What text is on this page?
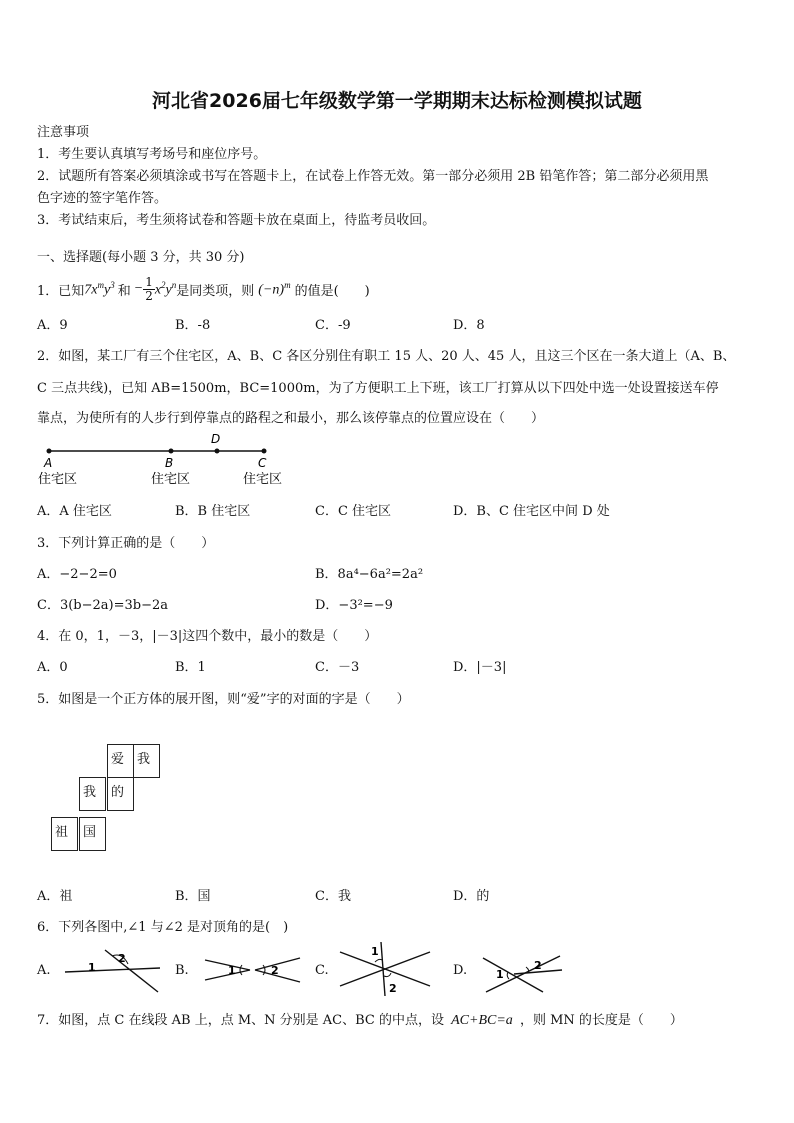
河北省2026届七年级数学第一学期期末达标检测模拟试题
注意事项
1．考生要认真填写考场号和座位序号。
2．试题所有答案必须填涂或书写在答题卡上，在试卷上作答无效。第一部分必须用 2B 铅笔作答；第二部分必须用黑
色字迹的签字笔作答。
3．考试结束后，考生须将试卷和答题卡放在桌面上，待监考员收回。
一、选择题(每小题 3 分，共 30 分)
1．已知 $7x^my^3$ 和 − $\frac{1}{2} x^2y^n$ 是同类项，则 $(-n)^m$ 的值是(　　)
A．9	B．-8	C．-9	D．8
2．如图，某工厂有三个住宅区，A、B、C 各区分别住有职工 15 人、20 人、45 人，且这三个区在一条大道上（A、B、
C 三点共线)，已知 AB=1500m，BC=1000m，为了方便职工上下班，该工厂打算从以下四处中选一处设置接送车停
靠点，为使所有的人步行到停靠点的路程之和最小，那么该停靠点的位置应设在（　　）
A	B
D
C
住宅区	住宅区	住宅区
A．A 住宅区	B．B 住宅区	C．C 住宅区	D．B、C 住宅区中间 D 处
3．下列计算正确的是（　　）
A．−2−2=0	B．8a⁴−6a²=2a²
C．3(b−2a)=3b−2a	D．−3²=−9
4．在 0，1，－3，|－3|这四个数中，最小的数是（　　）
A．0	B．1	C．－3	D．|－3|
5．如图是一个正方体的展开图，则“爱”字的对面的字是（　　）
爱 我
我	的
祖	国
A．祖	B．国	C．我	D．的
6．下列各图中,∠1 与∠2 是对顶角的是(　)
A.
2
1	B.	1	2	C.
1
2
D.	1
2
7．如图，点 C 在线段 AB 上，点 M、N 分别是 AC、BC 的中点，设 AC+BC=a ，则 MN 的长度是（　　）
